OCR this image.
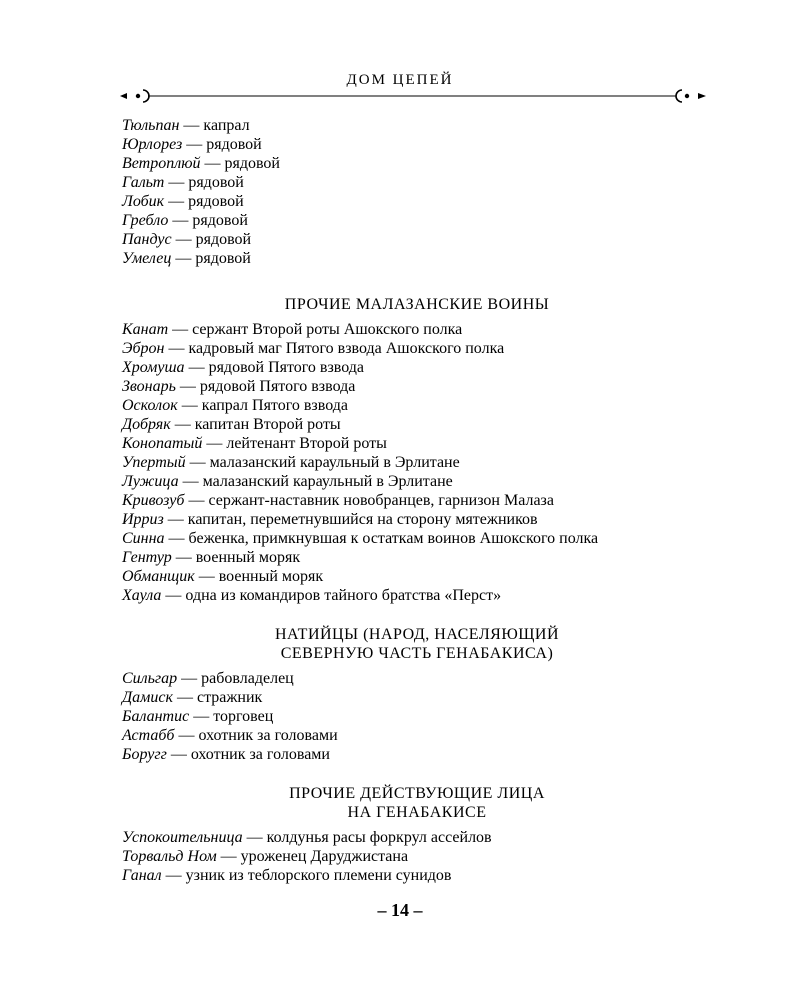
ДОМ ЦЕПЕЙ
Тюльпан — капрал
Юрлорез — рядовой
Ветроплюй — рядовой
Гальт — рядовой
Лобик — рядовой
Гребло — рядовой
Пандус — рядовой
Умелец — рядовой
ПРОЧИЕ МАЛАЗАНСКИЕ ВОИНЫ
Канат — сержант Второй роты Ашокского полка
Эброн — кадровый маг Пятого взвода Ашокского полка
Хромуша — рядовой Пятого взвода
Звонарь — рядовой Пятого взвода
Осколок — капрал Пятого взвода
Добряк — капитан Второй роты
Конопатый — лейтенант Второй роты
Упертый — малазанский караульный в Эрлитане
Лужица — малазанский караульный в Эрлитане
Кривозуб — сержант-наставник новобранцев, гарнизон Малаза
Ирриз — капитан, переметнувшийся на сторону мятежников
Синна — беженка, примкнувшая к остаткам воинов Ашокского полка
Гентур — военный моряк
Обманщик — военный моряк
Хаула — одна из командиров тайного братства «Перст»
НАТИЙЦЫ (НАРОД, НАСЕЛЯЮЩИЙ
СЕВЕРНУЮ ЧАСТЬ ГЕНАБАКИСА)
Сильгар — рабовладелец
Дамиск — стражник
Балантис — торговец
Астабб — охотник за головами
Боругг — охотник за головами
ПРОЧИЕ ДЕЙСТВУЮЩИЕ ЛИЦА
НА ГЕНАБАКИСЕ
Успокоительница — колдунья расы форкрул ассейлов
Торвальд Ном — уроженец Даруджистана
Ганал — узник из теблорского племени сунидов
– 14 –
